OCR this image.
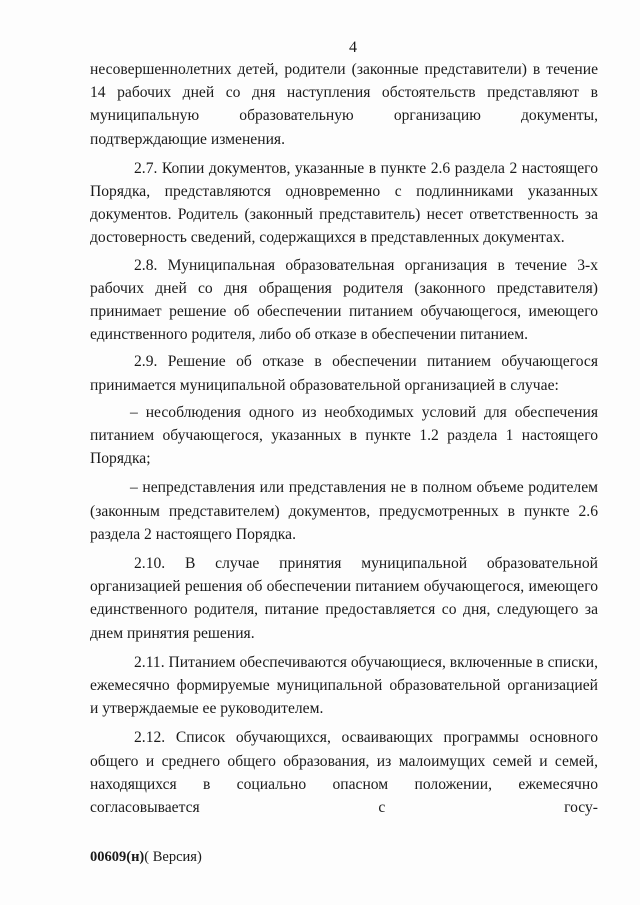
4

несовершеннолетних детей, родители (законные представители) в течение 14 рабочих дней со дня наступления обстоятельств представляют в муниципальную образовательную организацию документы, подтверждающие изменения.

2.7. Копии документов, указанные в пункте 2.6 раздела 2 настоящего Порядка, представляются одновременно с подлинниками указанных документов. Родитель (законный представитель) несет ответственность за достоверность сведений, содержащихся в представленных документах.

2.8. Муниципальная образовательная организация в течение 3-х рабочих дней со дня обращения родителя (законного представителя) принимает решение об обеспечении питанием обучающегося, имеющего единственного родителя, либо об отказе в обеспечении питанием.

2.9. Решение об отказе в обеспечении питанием обучающегося принимается муниципальной образовательной организацией в случае:

– несоблюдения одного из необходимых условий для обеспечения питанием обучающегося, указанных в пункте 1.2 раздела 1 настоящего Порядка;

– непредставления или представления не в полном объеме родителем (законным представителем) документов, предусмотренных в пункте 2.6 раздела 2 настоящего Порядка.

2.10. В случае принятия муниципальной образовательной организацией решения об обеспечении питанием обучающегося, имеющего единственного родителя, питание предоставляется со дня, следующего за днем принятия решения.

2.11. Питанием обеспечиваются обучающиеся, включенные в списки, ежемесячно формируемые муниципальной образовательной организацией и утверждаемые ее руководителем.

2.12. Список обучающихся, осваивающих программы основного общего и среднего общего образования, из малоимущих семей и семей, находящихся в социально опасном положении, ежемесячно согласовывается с госу-

00609(н)( Версия)
